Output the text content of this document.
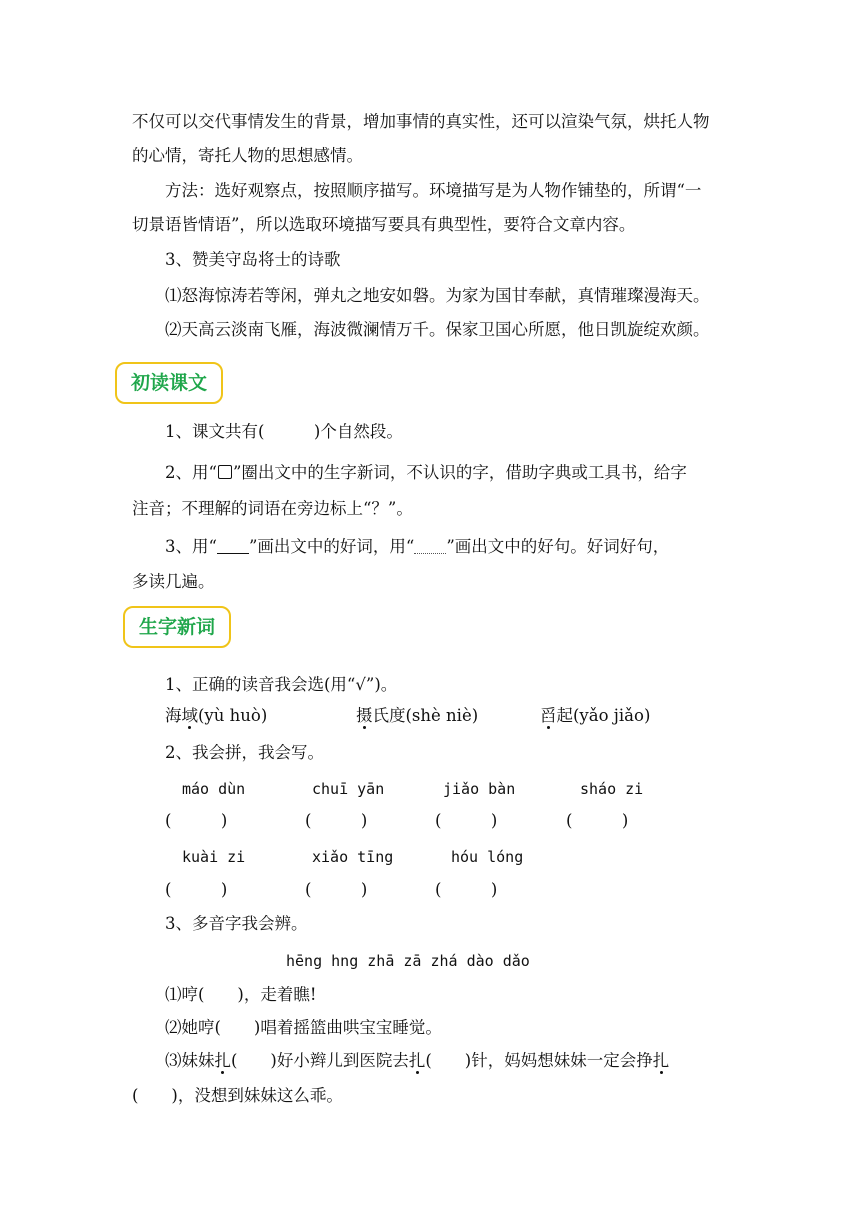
不仅可以交代事情发生的背景，增加事情的真实性，还可以渲染气氛，烘托人物
的心情，寄托人物的思想感情。
方法：选好观察点，按照顺序描写。环境描写是为人物作铺垫的，所谓“一
切景语皆情语”，所以选取环境描写要具有典型性，要符合文章内容。
3、赞美守岛将士的诗歌
⑴怒海惊涛若等闲，弹丸之地安如磐。为家为国甘奉献，真情璀璨漫海天。
⑵天高云淡南飞雁，海波微澜情万千。保家卫国心所愿，他日凯旋绽欢颜。
初读课文
1、课文共有(　　　)个自然段。
2、用“ ”圈出文中的生字新词，不认识的字，借助字典或工具书，给字
注音；不理解的词语在旁边标上“？”。
3、用“ ”画出文中的好词，用“ ”画出文中的好句。好词好句，
多读几遍。
生字新词
1、正确的读音我会选(用“√”)。
海域(yù huò)	摄氏度(shè niè)	舀起(yǎo jiǎo)
2、我会拼，我会写。
máo dùn	chuī yān	jiǎo bàn	sháo zi
(　　　)	(　　　)	(　　　)	(　　　)
kuài zi	xiǎo tīng	hóu lóng
(　　　)	(　　　)	(　　　)
3、多音字我会辨。
hēng hng zhā zā zhá dào dǎo
⑴哼(　　)，走着瞧!
⑵她哼(　　)唱着摇篮曲哄宝宝睡觉。
⑶妹妹扎(　　)好小辫儿到医院去扎(　　)针，妈妈想妹妹一定会挣扎
(　　)，没想到妹妹这么乖。
